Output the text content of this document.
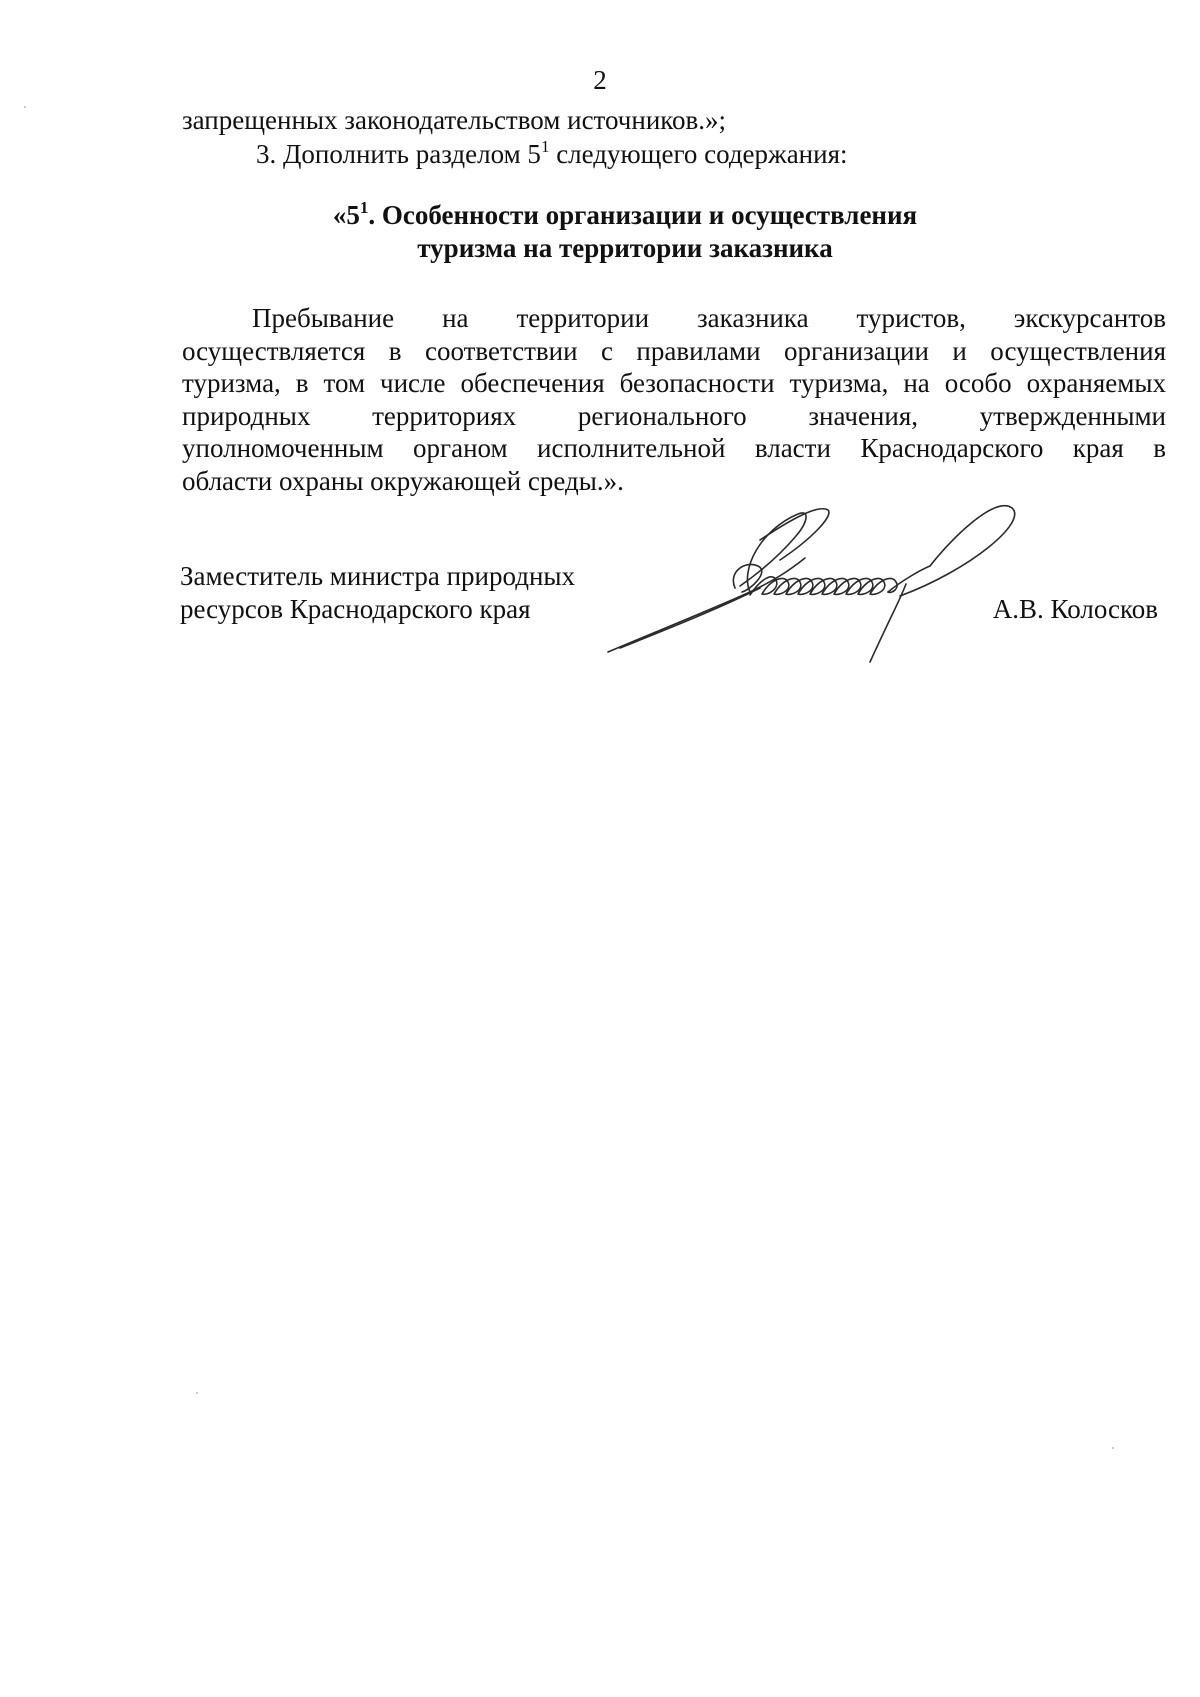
2
запрещенных законодательством источников.»;
3. Дополнить разделом $5^1$ следующего содержания:
«$5^1$. Особенности организации и осуществления
туризма на территории заказника
Пребывание на территории заказника туристов, экскурсантов
осуществляется в соответствии с правилами организации и осуществления
туризма, в том числе обеспечения безопасности туризма, на особо охраняемых
природных территориях регионального значения, утвержденными
уполномоченным органом исполнительной власти Краснодарского края в
области охраны окружающей среды.».
Заместитель министра природных
ресурсов Краснодарского края	А.В. Колосков
